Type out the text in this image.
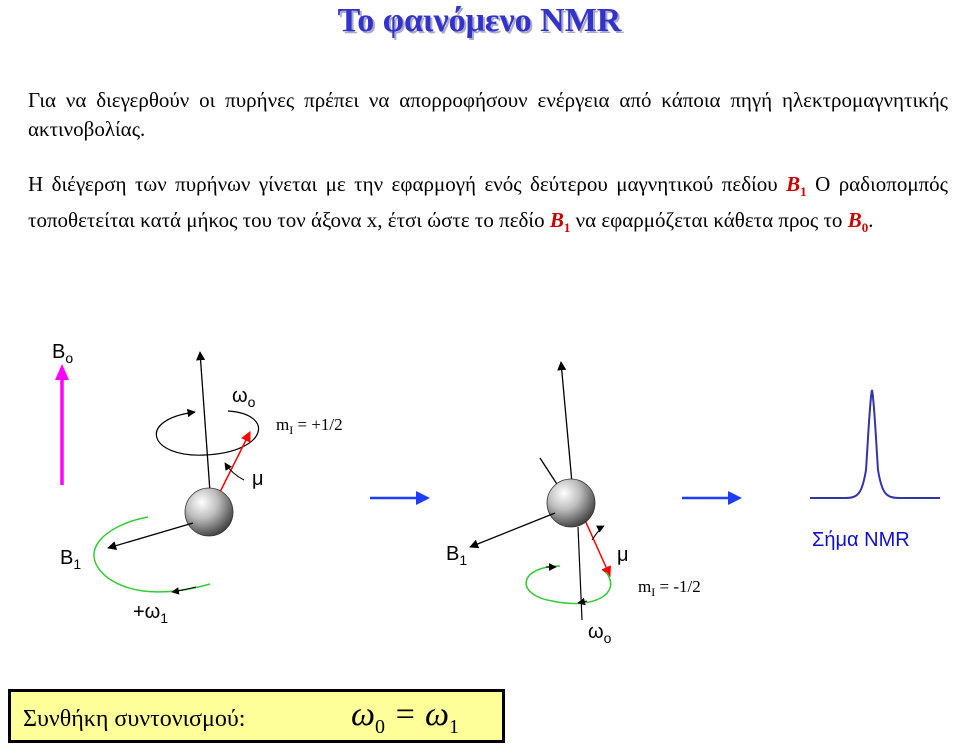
Το φαινόμενο NMR
Για να διεγερθούν οι πυρήνες πρέπει να απορροφήσουν ενέργεια από κάποια πηγή ηλεκτρομαγνητικής ακτινοβολίας.
Η διέγερση των πυρήνων γίνεται με την εφαρμογή ενός δεύτερου μαγνητικού πεδίου $B_1$ Ο ραδιοπομπός τοποθετείται κατά μήκος του τον άξονα x, έτσι ώστε το πεδίο $B_1$ να εφαρμόζεται κάθετα προς το $B_0$.
$B_o$
$\omega_o$
μ
$m_I = +1/2$
$B_1$
$+\omega_1$
$B_1$	μ
$m_I = -1/2$
$\omega_o$
Σήμα NMR
Συνθήκη συντονισμού:	$\omega_0 = \omega_1$
